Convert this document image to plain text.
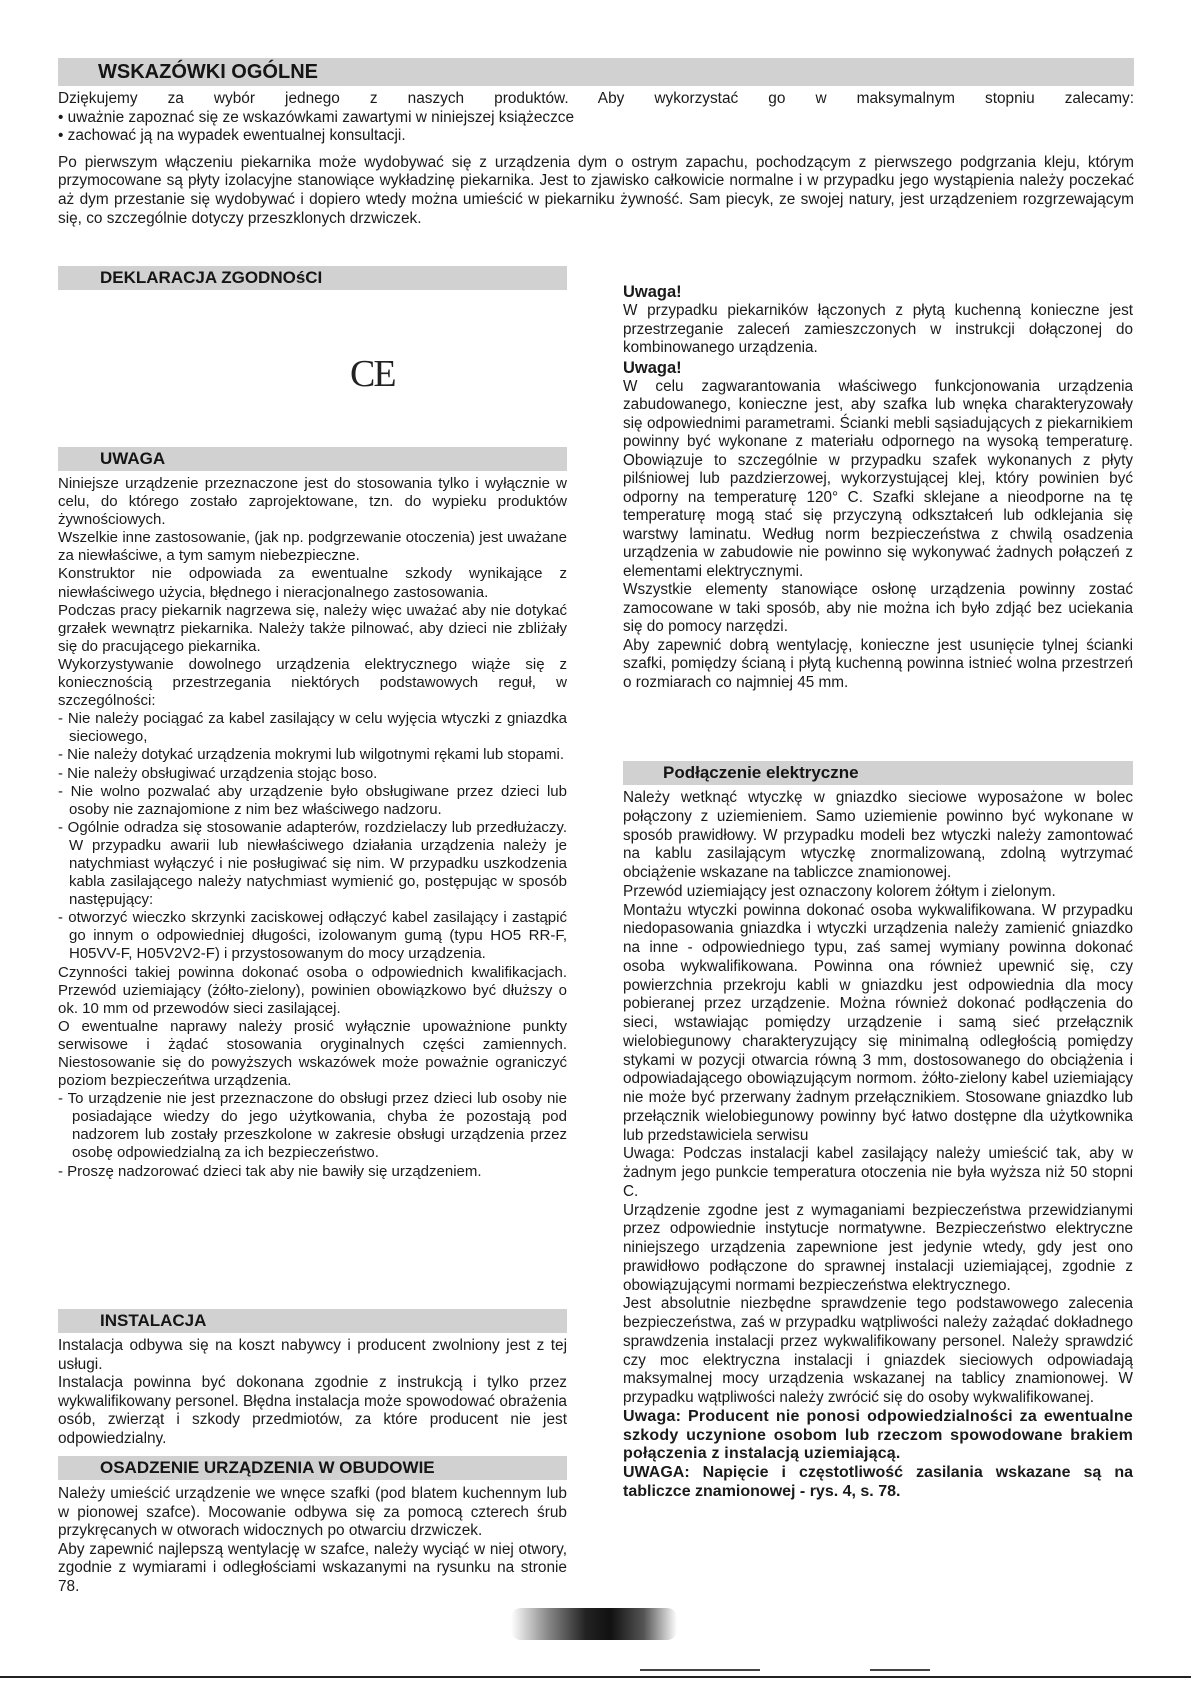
WSKAZÓWKI OGÓLNE

Dziękujemy za wybór jednego z naszych produktów. Aby wykorzystać go w maksymalnym stopniu zalecamy:

• uważnie zapoznać się ze wskazówkami zawartymi w niniejszej książeczce

• zachować ją na wypadek ewentualnej konsultacji.

Po pierwszym włączeniu piekarnika może wydobywać się z urządzenia dym o ostrym zapachu, pochodzącym z pierwszego podgrzania kleju, którym przymocowane są płyty izolacyjne stanowiące wykładzinę piekarnika. Jest to zjawisko całkowicie normalne i w przypadku jego wystąpienia należy poczekać aż dym przestanie się wydobywać i dopiero wtedy można umieścić w piekarniku żywność. Sam piecyk, ze swojej natury, jest urządzeniem rozgrzewającym się, co szczególnie dotyczy przeszklonych drzwiczek.

DEKLARACJA ZGODNOśCI
CE
UWAGA

Niniejsze urządzenie przeznaczone jest do stosowania tylko i wyłącznie w celu, do którego zostało zaprojektowane, tzn. do wypieku produktów żywnościowych.

Wszelkie inne zastosowanie, (jak np. podgrzewanie otoczenia) jest uważane za niewłaściwe, a tym samym niebezpieczne.

Konstruktor nie odpowiada za ewentualne szkody wynikające z niewłaściwego użycia, błędnego i nieracjonalnego zastosowania.

Podczas pracy piekarnik nagrzewa się, należy więc uważać aby nie dotykać grzałek wewnątrz piekarnika. Należy także pilnować, aby dzieci nie zbliżały się do pracującego piekarnika.

Wykorzystywanie dowolnego urządzenia elektrycznego wiąże się z koniecznością przestrzegania niektórych podstawowych reguł, w szczególności:

- Nie należy pociągać za kabel zasilający w celu wyjęcia wtyczki z gniazdka sieciowego,

- Nie należy dotykać urządzenia mokrymi lub wilgotnymi rękami lub stopami.

- Nie należy obsługiwać urządzenia stojąc boso.

- Nie wolno pozwalać aby urządzenie było obsługiwane przez dzieci lub osoby nie zaznajomione z nim bez właściwego nadzoru.

- Ogólnie odradza się stosowanie adapterów, rozdzielaczy lub przedłużaczy. W przypadku awarii lub niewłaściwego działania urządzenia należy je natychmiast wyłączyć i nie posługiwać się nim. W przypadku uszkodzenia kabla zasilającego należy natychmiast wymienić go, postępując w sposób następujący:

- otworzyć wieczko skrzynki zaciskowej odłączyć kabel zasilający i zastąpić go innym o odpowiedniej długości, izolowanym gumą (typu HO5 RR-F, H05VV-F, H05V2V2-F) i przystosowanym do mocy urządzenia.

Czynności takiej powinna dokonać osoba o odpowiednich kwalifikacjach. Przewód uziemiający (żółto-zielony), powinien obowiązkowo być dłuższy o ok. 10 mm od przewodów sieci zasilającej.

O ewentualne naprawy należy prosić wyłącznie upoważnione punkty serwisowe i żądać stosowania oryginalnych części zamiennych. Niestosowanie się do powyższych wskazówek może poważnie ograniczyć poziom bezpieczeńtwa urządzenia.

- To urządzenie nie jest przeznaczone do obsługi przez dzieci lub osoby nie posiadające wiedzy do jego użytkowania, chyba że pozostają pod nadzorem lub zostały przeszkolone w zakresie obsługi urządzenia przez osobę odpowiedzialną za ich bezpieczeństwo.

- Proszę nadzorować dzieci tak aby nie bawiły się urządzeniem.

INSTALACJA

Instalacja odbywa się na koszt nabywcy i producent zwolniony jest z tej usługi.

Instalacja powinna być dokonana zgodnie z instrukcją i tylko przez wykwalifikowany personel. Błędna instalacja może spowodować obrażenia osób, zwierząt i szkody przedmiotów, za które producent nie jest odpowiedzialny.

OSADZENIE URZĄDZENIA W OBUDOWIE

Należy umieścić urządzenie we wnęce szafki (pod blatem kuchennym lub w pionowej szafce). Mocowanie odbywa się za pomocą czterech śrub przykręcanych w otworach widocznych po otwarciu drzwiczek.

Aby zapewnić najlepszą wentylację w szafce, należy wyciąć w niej otwory, zgodnie z wymiarami i odległościami wskazanymi na rysunku na stronie 78.

Uwaga!

W przypadku piekarników łączonych z płytą kuchenną konieczne jest przestrzeganie zaleceń zamieszczonych w instrukcji dołączonej do kombinowanego urządzenia.

Uwaga!

W celu zagwarantowania właściwego funkcjonowania urządzenia zabudowanego, konieczne jest, aby szafka lub wnęka charakteryzowały się odpowiednimi parametrami. Ścianki mebli sąsiadujących z piekarnikiem powinny być wykonane z materiału odpornego na wysoką temperaturę. Obowiązuje to szczególnie w przypadku szafek wykonanych z płyty pilśniowej lub pazdzierzowej, wykorzystującej klej, który powinien być odporny na temperaturę 120° C. Szafki sklejane a nieodporne na tę temperaturę mogą stać się przyczyną odkształceń lub odklejania się warstwy laminatu. Według norm bezpieczeństwa z chwilą osadzenia urządzenia w zabudowie nie powinno się wykonywać żadnych połączeń z elementami elektrycznymi.

Wszystkie elementy stanowiące osłonę urządzenia powinny zostać zamocowane w taki sposób, aby nie można ich było zdjąć bez uciekania się do pomocy narzędzi.

Aby zapewnić dobrą wentylację, konieczne jest usunięcie tylnej ścianki szafki, pomiędzy ścianą i płytą kuchenną powinna istnieć wolna przestrzeń o rozmiarach co najmniej 45 mm.

Podłączenie elektryczne

Należy wetknąć wtyczkę w gniazdko sieciowe wyposażone w bolec połączony z uziemieniem. Samo uziemienie powinno być wykonane w sposób prawidłowy. W przypadku modeli bez wtyczki należy zamontować na kablu zasilającym wtyczkę znormalizowaną, zdolną wytrzymać obciążenie wskazane na tabliczce znamionowej.

Przewód uziemiający jest oznaczony kolorem żółtym i zielonym.

Montażu wtyczki powinna dokonać osoba wykwalifikowana. W przypadku niedopasowania gniazdka i wtyczki urządzenia należy zamienić gniazdko na inne - odpowiedniego typu, zaś samej wymiany powinna dokonać osoba wykwalifikowana. Powinna ona również upewnić się, czy powierzchnia przekroju kabli w gniazdku jest odpowiednia dla mocy pobieranej przez urządzenie. Można również dokonać podłączenia do sieci, wstawiając pomiędzy urządzenie i samą sieć przełącznik wielobiegunowy charakteryzujący się minimalną odległością pomiędzy stykami w pozycji otwarcia równą 3 mm, dostosowanego do obciążenia i odpowiadającego obowiązującym normom. żółto-zielony kabel uziemiający nie może być przerwany żadnym przełącznikiem. Stosowane gniazdko lub przełącznik wielobiegunowy powinny być łatwo dostępne dla użytkownika lub przedstawiciela serwisu

Uwaga: Podczas instalacji kabel zasilający należy umieścić tak, aby w żadnym jego punkcie temperatura otoczenia nie była wyższa niż 50 stopni C.

Urządzenie zgodne jest z wymaganiami bezpieczeństwa przewidzianymi przez odpowiednie instytucje normatywne. Bezpieczeństwo elektryczne niniejszego urządzenia zapewnione jest jedynie wtedy, gdy jest ono prawidłowo podłączone do sprawnej instalacji uziemiającej, zgodnie z obowiązującymi normami bezpieczeństwa elektrycznego.

Jest absolutnie niezbędne sprawdzenie tego podstawowego zalecenia bezpieczeństwa, zaś w przypadku wątpliwości należy zażądać dokładnego sprawdzenia instalacji przez wykwalifikowany personel. Należy sprawdzić czy moc elektryczna instalacji i gniazdek sieciowych odpowiadają maksymalnej mocy urządzenia wskazanej na tablicy znamionowej. W przypadku wątpliwości należy zwrócić się do osoby wykwalifikowanej.

Uwaga: Producent nie ponosi odpowiedzialności za ewentualne szkody uczynione osobom lub rzeczom spowodowane brakiem połączenia z instalacją uziemiającą.

UWAGA: Napięcie i częstotliwość zasilania wskazane są na tabliczce znamionowej - rys. 4, s. 78.
